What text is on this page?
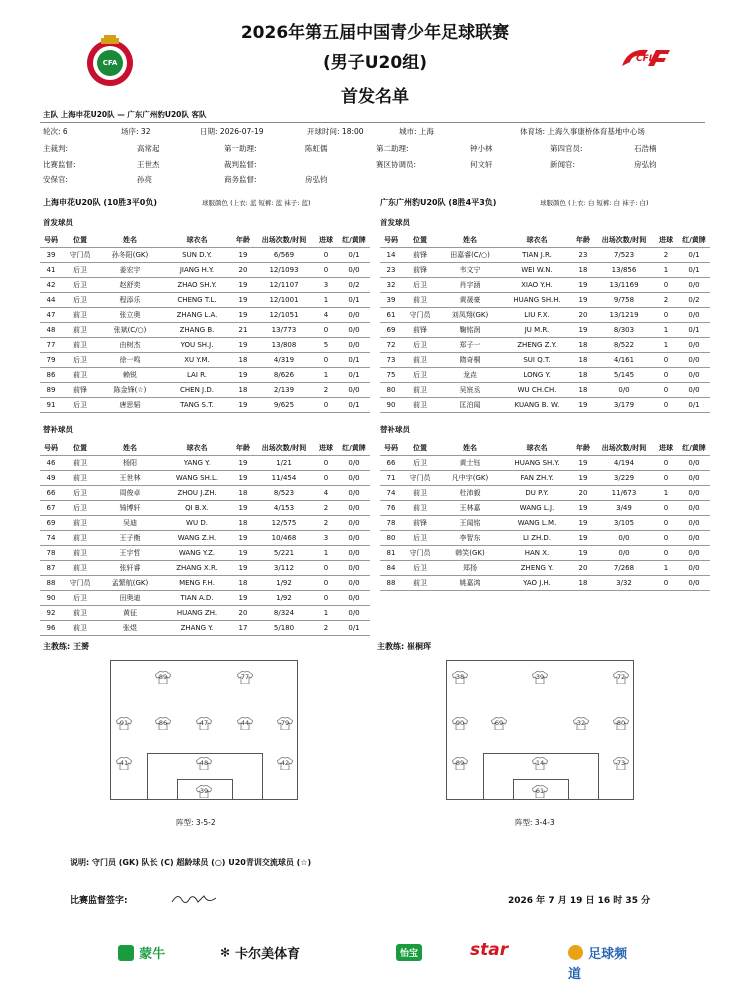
2026年第五届中国青少年足球联赛
(男子U20组)
首发名单
CFA	CFL
主队 上海申花U20队 — 广东广州豹U20队 客队
轮次: 6	场序: 32	日期: 2026-07-19	开球时间: 18:00	城市: 上海	体育场: 上海久事康桥体育基地中心场
主裁判:	高常起	第一助理:	陈虹儒	第二助理:	钟小林	第四官员:	石浩楠
比赛监督:	王世杰	裁判监督:	赛区协调员:	何文轩	新闻官:	房弘钧
安保官:	孙亮	商务监督:	房弘钧
上海申花U20队 (10胜3平0负)	球服颜色 (上衣: 蓝 短裤: 蓝 袜子: 蓝)	广东广州豹U20队 (8胜4平3负)	球服颜色 (上衣: 白 短裤: 白 袜子: 白)
首发球员	首发球员
号码	位置	姓名	球衣名	年龄	出场次数/时间	进球	红/黄牌
39	守门员	孙冬阳(GK)	SUN D.Y.	19	6/569	0	0/1
41	后卫	姜宏宇	JIANG H.Y.	20	12/1093	0	0/0
42	后卫	赵舒奕	ZHAO SH.Y.	19	12/1107	3	0/2
44	后卫	程添乐	CHENG T.L.	19	12/1001	1	0/1
47	前卫	张立奥	ZHANG L.A.	19	12/1051	4	0/0
48	前卫	张斌(C/○)	ZHANG B.	21	13/773	0	0/0
77	前卫	由树杰	YOU SH.J.	19	13/808	5	0/0
79	后卫	徐一鸣	XU Y.M.	18	4/319	0	0/1
86	前卫	赖锐	LAI R.	19	8/626	1	0/1
89	前锋	陈金锋(☆)	CHEN J.D.	18	2/139	2	0/0
91	后卫	唐思韬	TANG S.T.	19	9/625	0	0/1
号码	位置	姓名	球衣名	年龄	出场次数/时间	进球	红/黄牌
14	前锋	田嘉睿(C/○)	TIAN J.R.	23	7/523	2	0/1
23	前锋	韦文宁	WEI W.N.	18	13/856	1	0/1
32	后卫	肖宇涵	XIAO Y.H.	19	13/1169	0	0/0
39	前卫	黄晟豪	HUANG SH.H.	19	9/758	2	0/2
61	守门员	刘凤翔(GK)	LIU F.X.	20	13/1219	0	0/0
69	前锋	鞠铭润	JU M.R.	19	8/303	1	0/1
72	后卫	郑子一	ZHENG Z.Y.	18	8/522	1	0/0
73	前卫	隋奇桐	SUI Q.T.	18	4/161	0	0/0
75	后卫	龙垚	LONG Y.	18	5/145	0	0/0
80	前卫	吴宸丞	WU CH.CH.	18	0/0	0	0/0
90	前卫	匡泊闻	KUANG B. W.	19	3/179	0	0/1
替补球员	替补球员
号码	位置	姓名	球衣名	年龄	出场次数/时间	进球	红/黄牌
46	前卫	杨阳	YANG Y.	19	1/21	0	0/0
49	前卫	王世林	WANG SH.L.	19	11/454	0	0/0
66	后卫	周俊卓	ZHOU J.ZH.	18	8/523	4	0/0
67	后卫	锜博轩	QI B.X.	19	4/153	2	0/0
69	前卫	吴迪	WU D.	18	12/575	2	0/0
74	前卫	王子衡	WANG Z.H.	19	10/468	3	0/0
78	前卫	王宇哲	WANG Y.Z.	19	5/221	1	0/0
87	前卫	张轩睿	ZHANG X.R.	19	3/112	0	0/0
88	守门员	孟繁航(GK)	MENG F.H.	18	1/92	0	0/0
90	后卫	田奥迪	TIAN A.D.	19	1/92	0	0/0
92	前卫	黄征	HUANG ZH.	20	8/324	1	0/0
96	前卫	张煜	ZHANG Y.	17	5/180	2	0/1
号码	位置	姓名	球衣名	年龄	出场次数/时间	进球	红/黄牌
66	后卫	黄士钰	HUANG SH.Y.	19	4/194	0	0/0
71	守门员	凡中宇(GK)	FAN ZH.Y.	19	3/229	0	0/0
74	前卫	杜沛毅	DU P.Y.	20	11/673	1	0/0
76	前卫	王林嘉	WANG L.J.	19	3/49	0	0/0
78	前锋	王闻铭	WANG L.M.	19	3/105	0	0/0
80	后卫	李智东	LI ZH.D.	19	0/0	0	0/0
81	守门员	韩笑(GK)	HAN X.	19	0/0	0	0/0
84	后卫	郑扬	ZHENG Y.	20	7/268	1	0/0
88	前卫	姚嘉鸿	YAO J.H.	18	3/32	0	0/0
主教练: 王赟	主教练: 崔桐珲
89	77
91	86	47	44	79
41	48	42
39
38	39	72
90	69	32	80
89	14	73
61
阵型: 3-5-2	阵型: 3-4-3
说明: 守门员 (GK) 队长 (C) 超龄球员 (○) U20青训交流球员 (☆)
比赛监督签字:	2026 年 7 月 19 日 16 时 35 分
蒙牛	✻ 卡尔美体育	怡宝	star	足球频道
